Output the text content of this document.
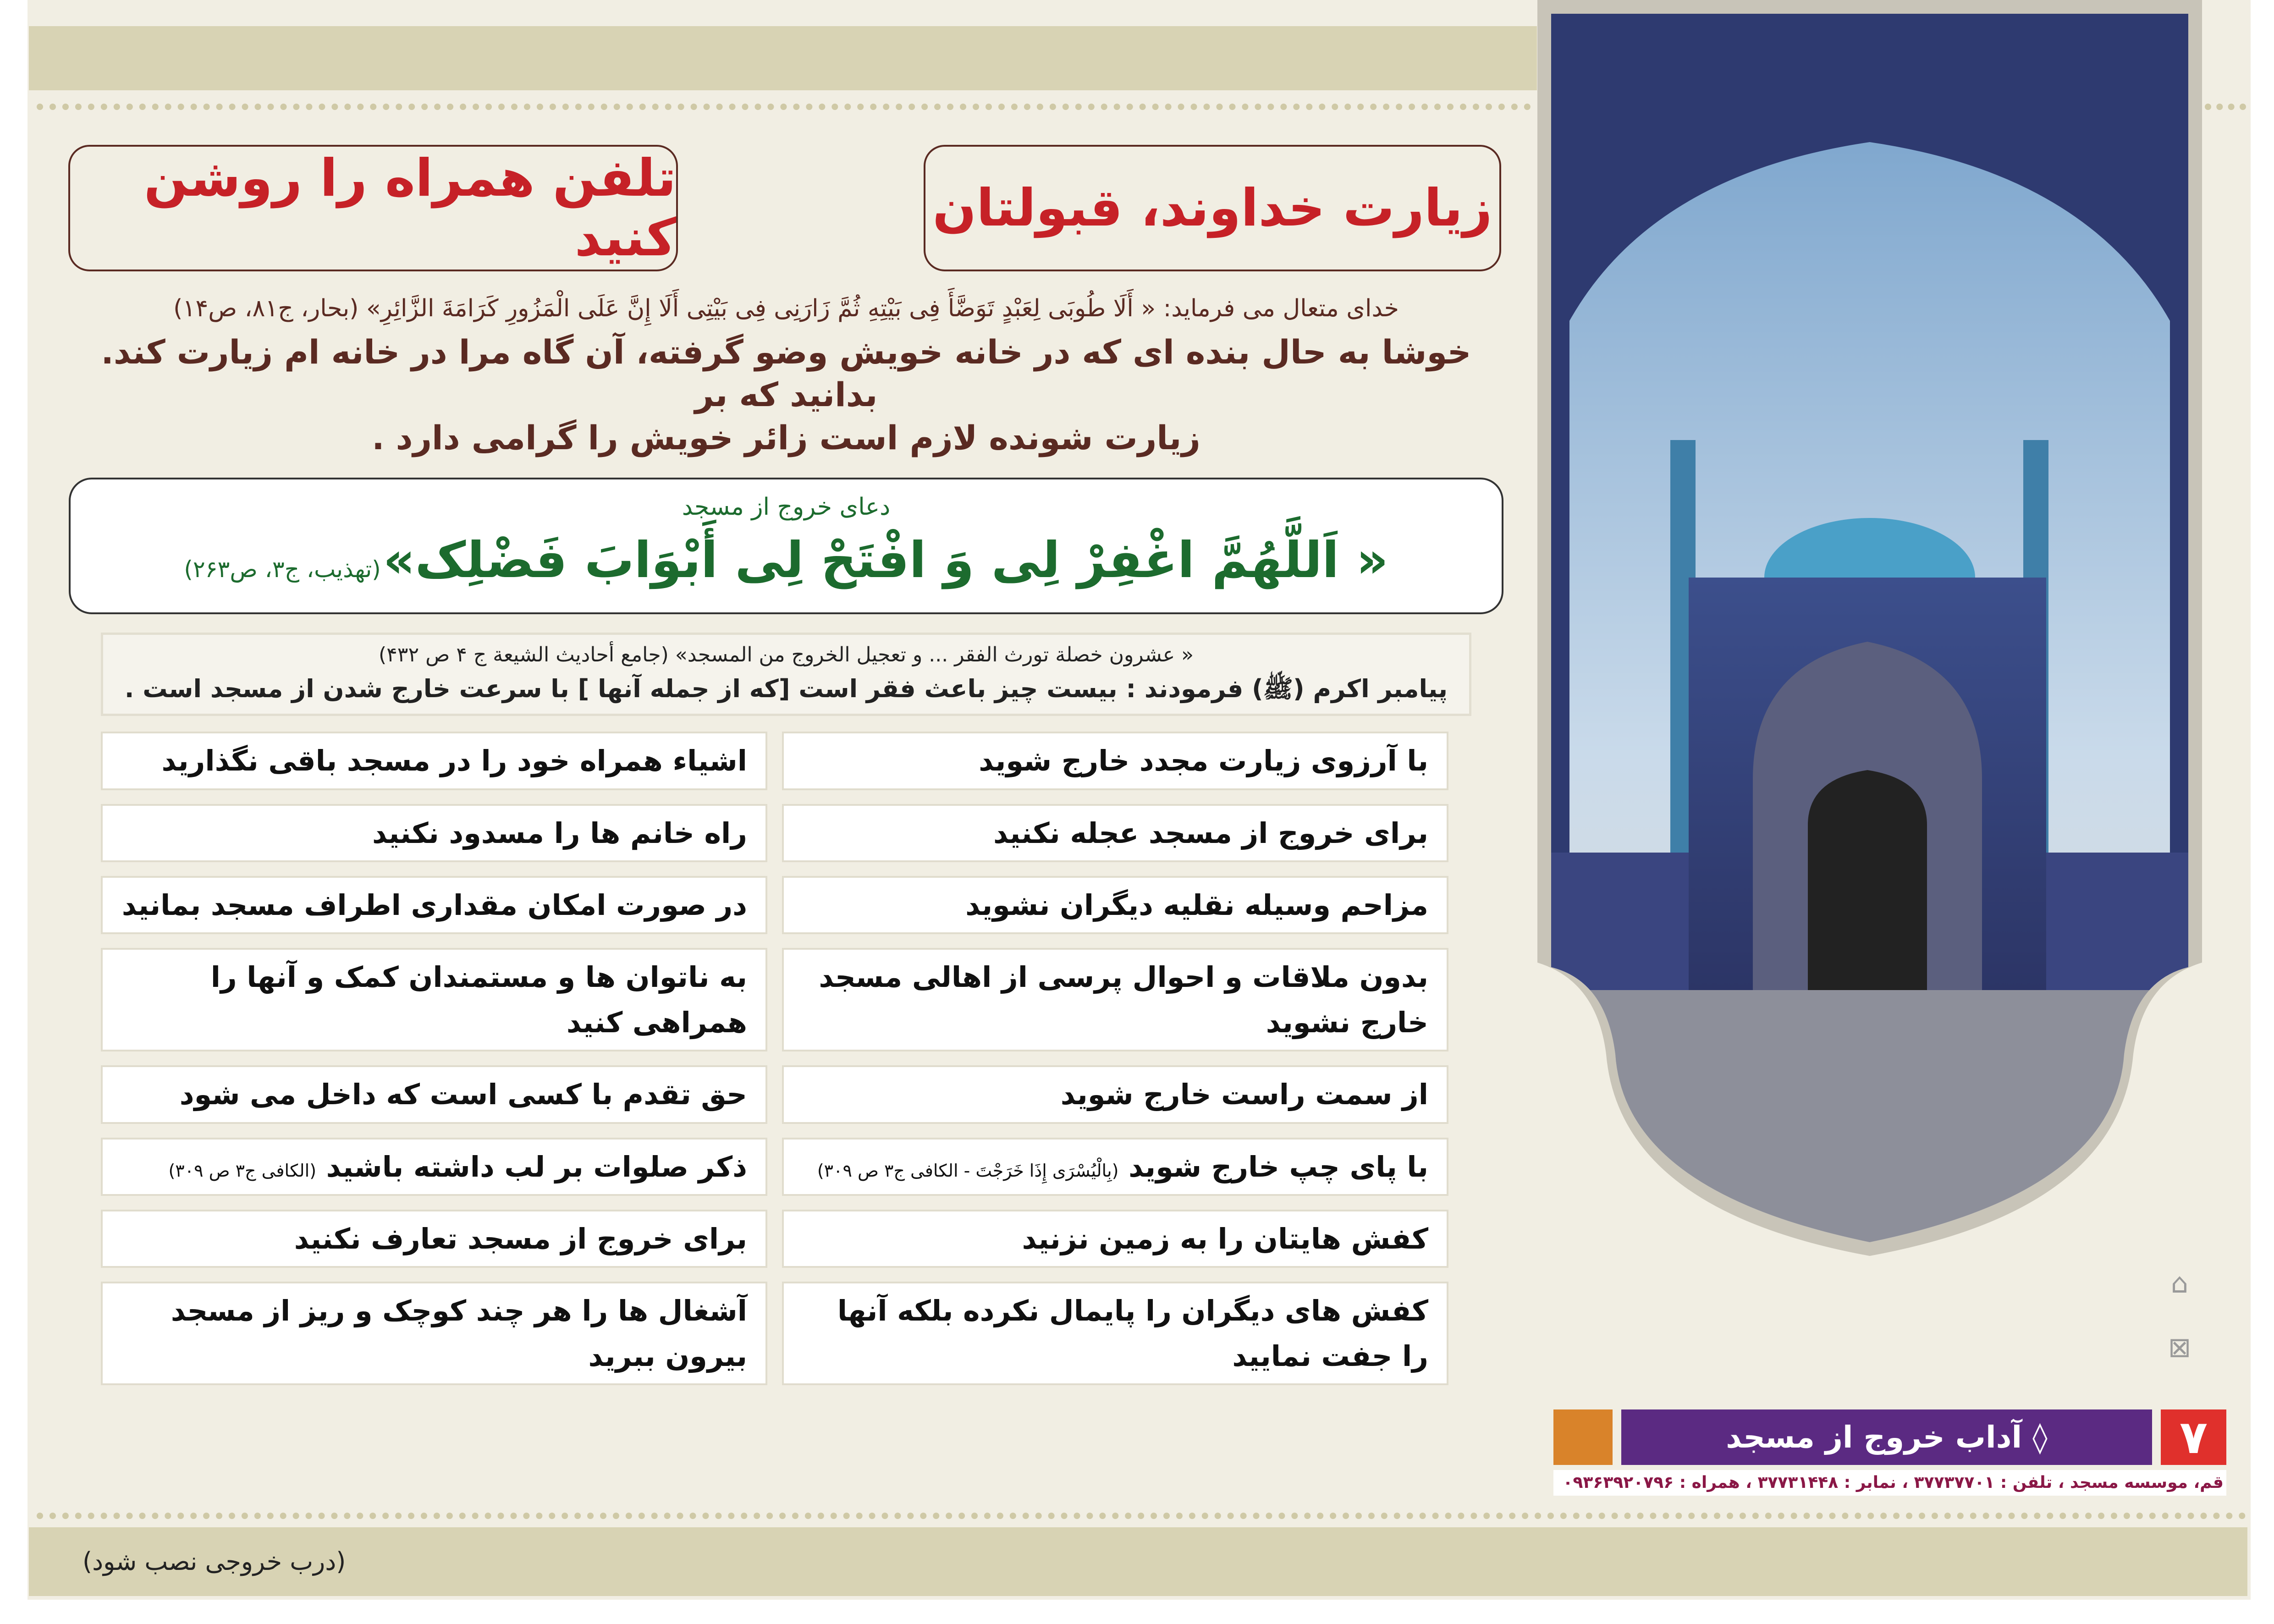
زیارت خداوند، قبولتان
تلفن همراه را روشن کنید
خدای متعال می فرماید: « أَلَا طُوبَی لِعَبْدٍ تَوَضَّأَ فِی بَیْتِهِ ثُمَّ زَارَنِی فِی بَیْتِی أَلَا إِنَّ عَلَی الْمَزُورِ كَرَامَةَ الزَّائِرِ» (بحار، ج۸۱، ص۱۴)
خوشا به حال بنده ای که در خانه خویش وضو گرفته، آن گاه مرا در خانه ام زیارت کند. بدانید که بر
زیارت شونده لازم است زائر خویش را گرامی دارد .
دعای خروج از مسجد
« اَللَّهُمَّ اغْفِرْ لِی وَ افْتَحْ لِی أَبْوَابَ فَضْلِک» (تهذیب، ج۳، ص۲۶۳)
« عشرون خصلة تورث الفقر ... و تعجیل الخروج من المسجد» (جامع أحادیث الشیعة ج ۴ ص ۴۳۲)
پیامبر اکرم (ﷺ) فرمودند : بیست چیز باعث فقر است [که از جمله آنها ] با سرعت خارج شدن از مسجد است .
با آرزوی زیارت مجدد خارج شوید
اشیاء همراه خود را در مسجد باقی نگذارید
برای خروج از مسجد عجله نکنید
راه خانم ها را مسدود نکنید
مزاحم وسیله نقلیه دیگران نشوید
در صورت امکان مقداری اطراف مسجد بمانید
بدون ملاقات و احوال پرسی از اهالی مسجد خارج نشوید
به ناتوان ها و مستمندان کمک و آنها را همراهی کنید
از سمت راست خارج شوید
حق تقدم با کسی است که داخل می شود
با پای چپ خارج شوید (بِالْیُسْرَی إِذَا خَرَجْتَ - الکافی ج۳ ص ۳۰۹)
ذکر صلوات بر لب داشته باشید (الکافی ج۳ ص ۳۰۹)
کفش هایتان را به زمین نزنید
برای خروج از مسجد تعارف نکنید
کفش های دیگران را پایمال نکرده بلکه آنها را جفت نمایید
آشغال ها را هر چند کوچک و ریز از مسجد بیرون ببرید
(درب خروجی نصب شود)
⌂
⊠
◊ آداب خروج از مسجد	۷
قم، موسسه مسجد ، تلفن : ۳۷۷۳۷۷۰۱ ، نمابر : ۳۷۷۳۱۴۴۸ ، همراه : ۰۹۳۶۳۹۲۰۷۹۶
